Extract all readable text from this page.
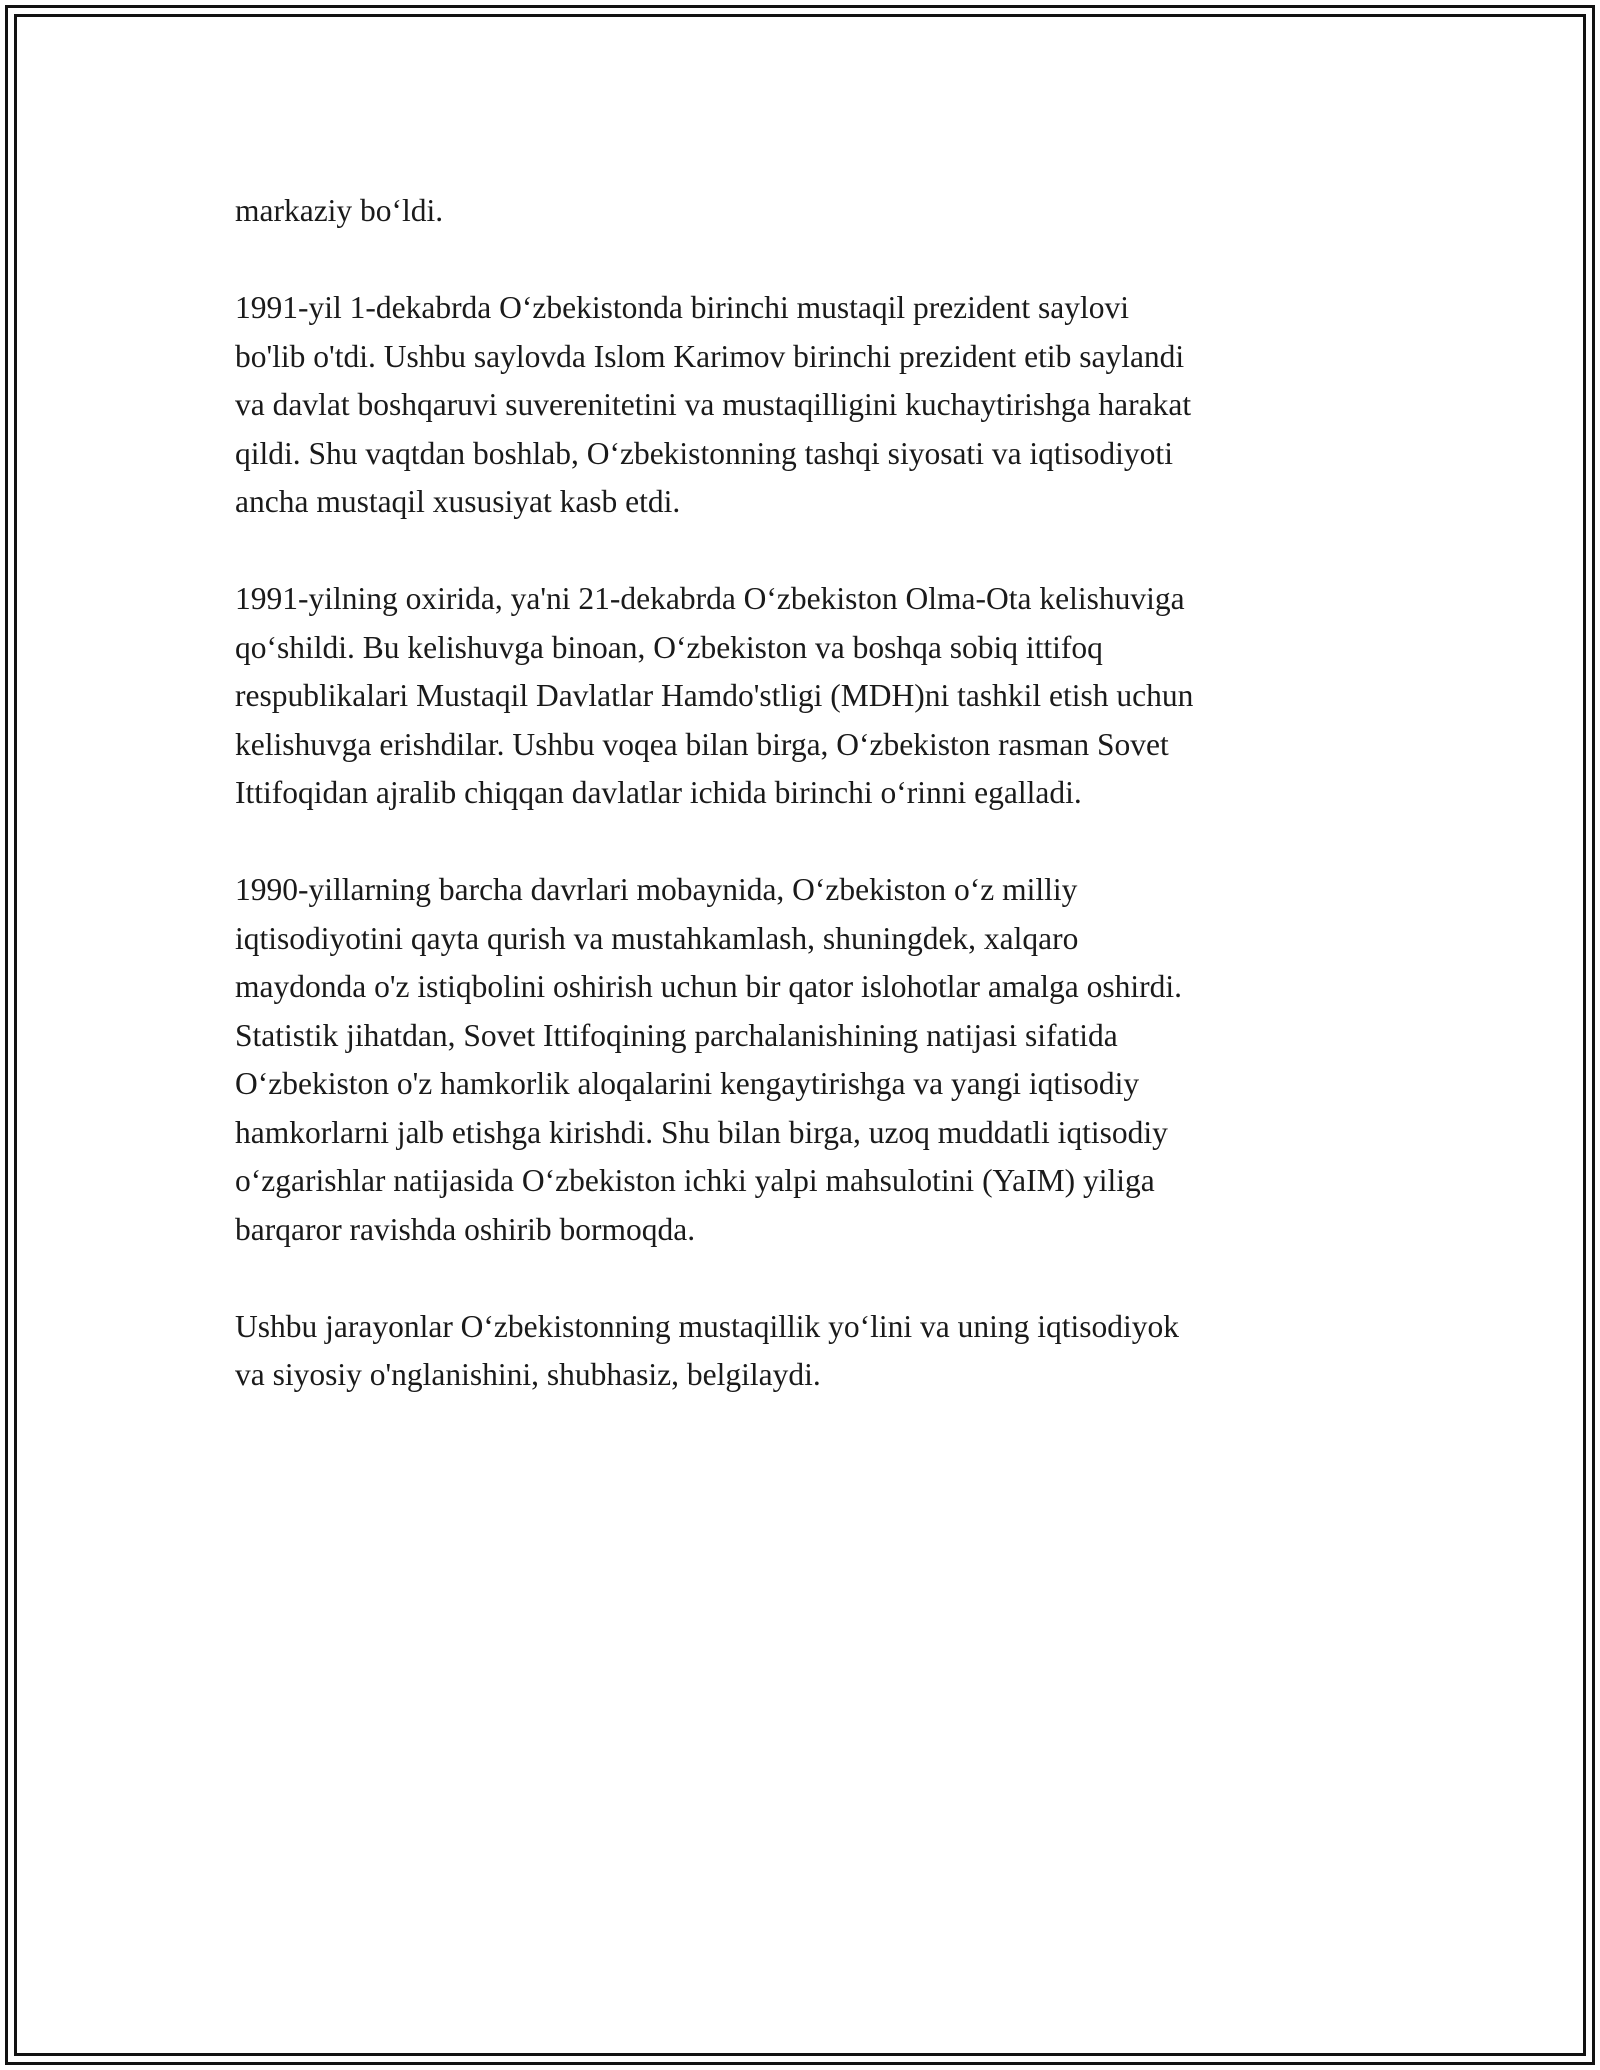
markaziy bo‘ldi.

1991-yil 1-dekabrda O‘zbekistonda birinchi mustaqil prezident saylovi
bo'lib o'tdi. Ushbu saylovda Islom Karimov birinchi prezident etib saylandi
va davlat boshqaruvi suverenitetini va mustaqilligini kuchaytirishga harakat
qildi. Shu vaqtdan boshlab, O‘zbekistonning tashqi siyosati va iqtisodiyoti
ancha mustaqil xususiyat kasb etdi.

1991-yilning oxirida, ya'ni 21-dekabrda O‘zbekiston Olma-Ota kelishuviga
qo‘shildi. Bu kelishuvga binoan, O‘zbekiston va boshqa sobiq ittifoq
respublikalari Mustaqil Davlatlar Hamdo'stligi (MDH)ni tashkil etish uchun
kelishuvga erishdilar. Ushbu voqea bilan birga, O‘zbekiston rasman Sovet
Ittifoqidan ajralib chiqqan davlatlar ichida birinchi o‘rinni egalladi.

1990-yillarning barcha davrlari mobaynida, O‘zbekiston o‘z milliy
iqtisodiyotini qayta qurish va mustahkamlash, shuningdek, xalqaro
maydonda o'z istiqbolini oshirish uchun bir qator islohotlar amalga oshirdi.
Statistik jihatdan, Sovet Ittifoqining parchalanishining natijasi sifatida
O‘zbekiston o'z hamkorlik aloqalarini kengaytirishga va yangi iqtisodiy
hamkorlarni jalb etishga kirishdi. Shu bilan birga, uzoq muddatli iqtisodiy
o‘zgarishlar natijasida O‘zbekiston ichki yalpi mahsulotini (YaIM) yiliga
barqaror ravishda oshirib bormoqda.

Ushbu jarayonlar O‘zbekistonning mustaqillik yo‘lini va uning iqtisodiyok
va siyosiy o'nglanishini, shubhasiz, belgilaydi.
